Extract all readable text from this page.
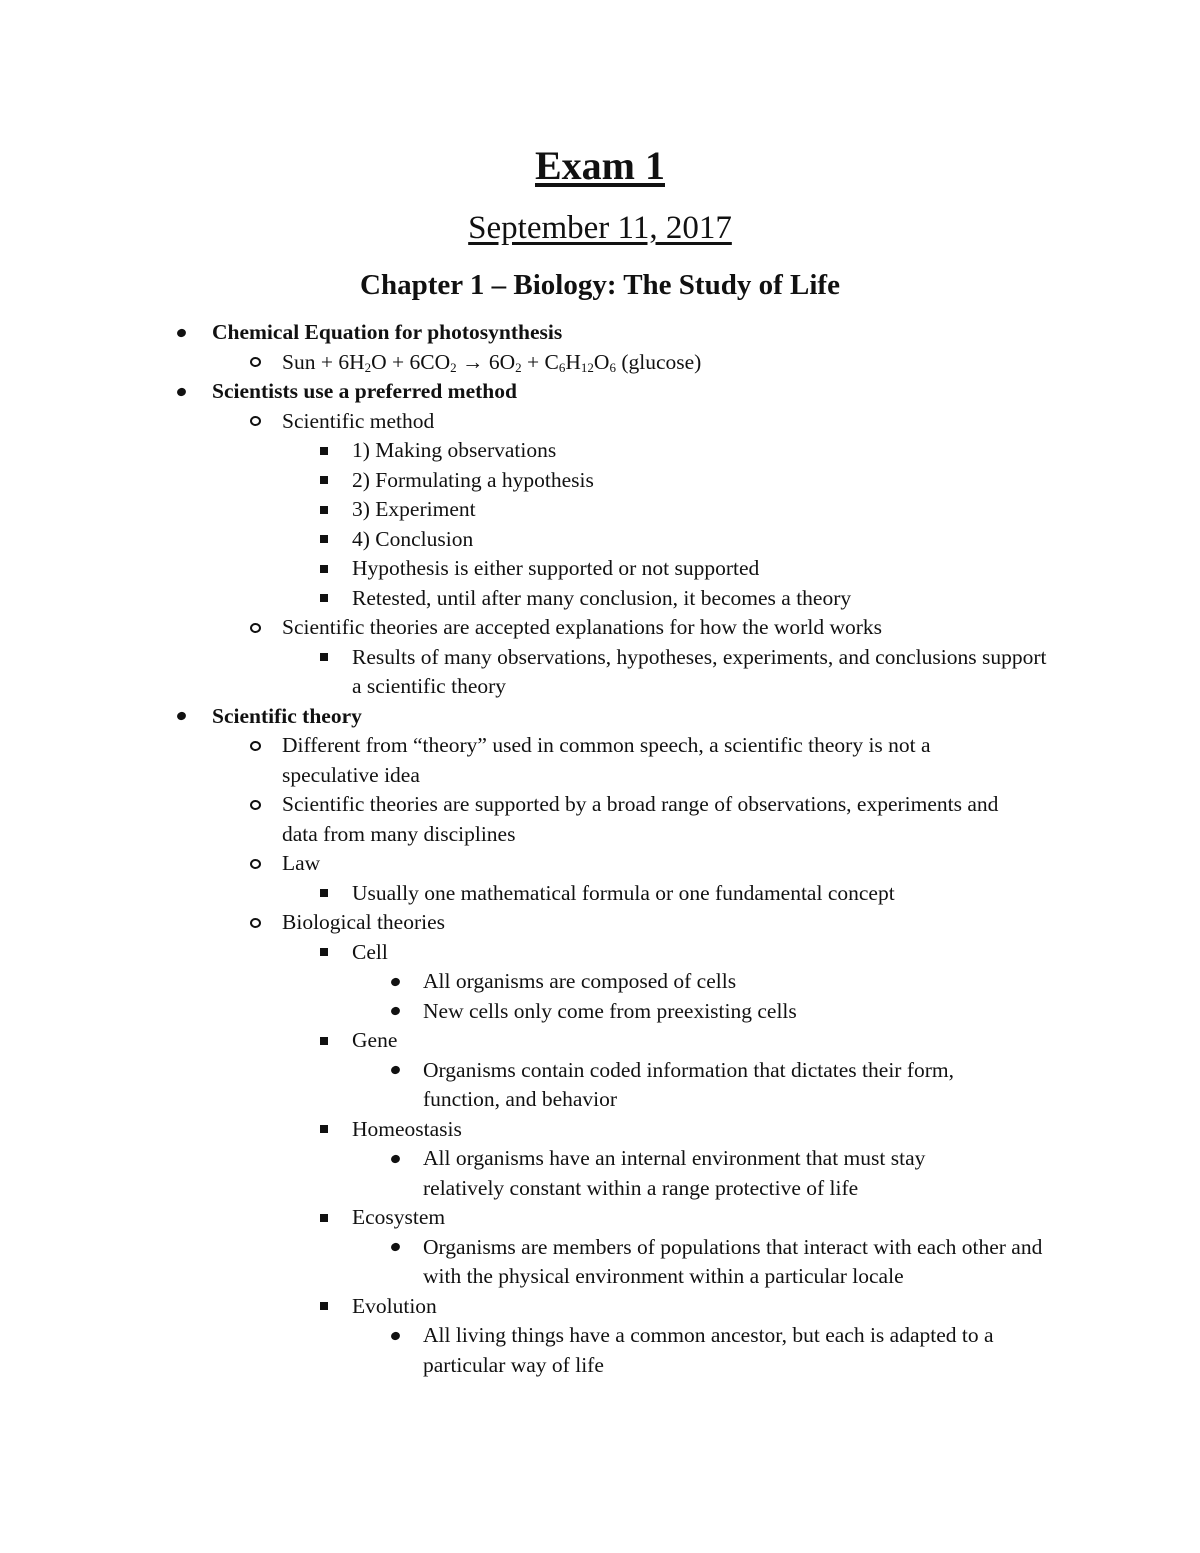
Exam 1
September 11, 2017
Chapter 1 – Biology: The Study of Life
Chemical Equation for photosynthesis
Sun + $6H_2O + 6CO_2 \to 6O_2 + C_6H_{12}O_6$ (glucose)
Scientists use a preferred method
Scientific method
1) Making observations
2) Formulating a hypothesis
3) Experiment
4) Conclusion
Hypothesis is either supported or not supported
Retested, until after many conclusion, it becomes a theory
Scientific theories are accepted explanations for how the world works
Results of many observations, hypotheses, experiments, and conclusions support a scientific theory
Scientific theory
Different from “theory” used in common speech, a scientific theory is not a speculative idea
Scientific theories are supported by a broad range of observations, experiments and data from many disciplines
Law
Usually one mathematical formula or one fundamental concept
Biological theories
Cell
All organisms are composed of cells
New cells only come from preexisting cells
Gene
Organisms contain coded information that dictates their form, function, and behavior
Homeostasis
All organisms have an internal environment that must stay relatively constant within a range protective of life
Ecosystem
Organisms are members of populations that interact with each other and with the physical environment within a particular locale
Evolution
All living things have a common ancestor, but each is adapted to a particular way of life
